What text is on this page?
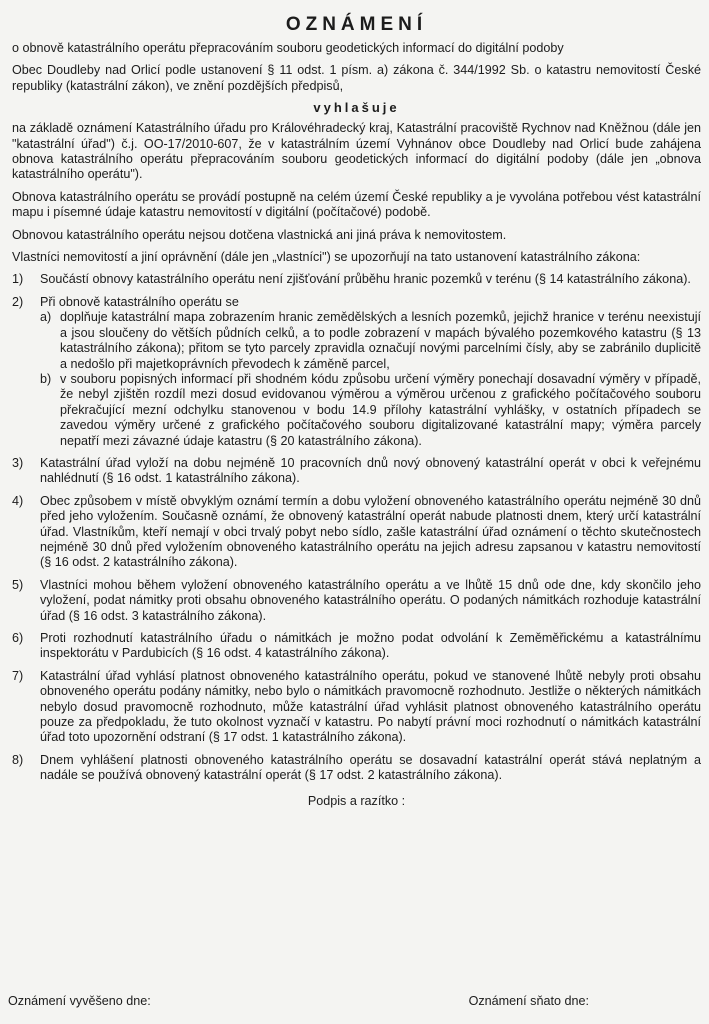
OZNÁMENÍ

o obnově katastrálního operátu přepracováním souboru geodetických informací do digitální podoby

Obec Doudleby nad Orlicí podle ustanovení § 11 odst. 1 písm. a) zákona č. 344/1992 Sb. o katastru nemovitostí České republiky (katastrální zákon), ve znění pozdějších předpisů,

vyhlašuje

na základě oznámení Katastrálního úřadu pro Královéhradecký kraj, Katastrální pracoviště Rychnov nad Kněžnou (dále jen "katastrální úřad") č.j. OO-17/2010-607, že v katastrálním území Vyhnánov obce Doudleby nad Orlicí bude zahájena obnova katastrálního operátu přepracováním souboru geodetických informací do digitální podoby (dále jen „obnova katastrálního operátu").

Obnova katastrálního operátu se provádí postupně na celém území České republiky a je vyvolána potřebou vést katastrální mapu i písemné údaje katastru nemovitostí v digitální (počítačové) podobě.

Obnovou katastrálního operátu nejsou dotčena vlastnická ani jiná práva k nemovitostem.

Vlastníci nemovitostí a jiní oprávnění (dále jen „vlastníci") se upozorňují na tato ustanovení katastrálního zákona:

1) Součástí obnovy katastrálního operátu není zjišťování průběhu hranic pozemků v terénu (§ 14 katastrálního zákona).

2) Při obnově katastrálního operátu se

a) doplňuje katastrální mapa zobrazením hranic zemědělských a lesních pozemků, jejichž hranice v terénu neexistují a jsou sloučeny do větších půdních celků, a to podle zobrazení v mapách bývalého pozemkového katastru (§ 13 katastrálního zákona); přitom se tyto parcely zpravidla označují novými parcelními čísly, aby se zabránilo duplicitě a nedošlo při majetkoprávních převodech k záměně parcel,

b) v souboru popisných informací při shodném kódu způsobu určení výměry ponechají dosavadní výměry v případě, že nebyl zjištěn rozdíl mezi dosud evidovanou výměrou a výměrou určenou z grafického počítačového souboru překračující mezní odchylku stanovenou v bodu 14.9 přílohy katastrální vyhlášky, v ostatních případech se zavedou výměry určené z grafického počítačového souboru digitalizované katastrální mapy; výměra parcely nepatří mezi závazné údaje katastru (§ 20 katastrálního zákona).

3) Katastrální úřad vyloží na dobu nejméně 10 pracovních dnů nový obnovený katastrální operát v obci k veřejnému nahlédnutí (§ 16 odst. 1 katastrálního zákona).

4) Obec způsobem v místě obvyklým oznámí termín a dobu vyložení obnoveného katastrálního operátu nejméně 30 dnů před jeho vyložením. Současně oznámí, že obnovený katastrální operát nabude platnosti dnem, který určí katastrální úřad. Vlastníkům, kteří nemají v obci trvalý pobyt nebo sídlo, zašle katastrální úřad oznámení o těchto skutečnostech nejméně 30 dnů před vyložením obnoveného katastrálního operátu na jejich adresu zapsanou v katastru nemovitostí (§ 16 odst. 2 katastrálního zákona).

5) Vlastníci mohou během vyložení obnoveného katastrálního operátu a ve lhůtě 15 dnů ode dne, kdy skončilo jeho vyložení, podat námitky proti obsahu obnoveného katastrálního operátu. O podaných námitkách rozhoduje katastrální úřad (§ 16 odst. 3 katastrálního zákona).

6) Proti rozhodnutí katastrálního úřadu o námitkách je možno podat odvolání k Zeměměřickému a katastrálnímu inspektorátu v Pardubicích (§ 16 odst. 4 katastrálního zákona).

7) Katastrální úřad vyhlásí platnost obnoveného katastrálního operátu, pokud ve stanovené lhůtě nebyly proti obsahu obnoveného operátu podány námitky, nebo bylo o námitkách pravomocně rozhodnuto. Jestliže o některých námitkách nebylo dosud pravomocně rozhodnuto, může katastrální úřad vyhlásit platnost obnoveného katastrálního operátu pouze za předpokladu, že tuto okolnost vyznačí v katastru. Po nabytí právní moci rozhodnutí o námitkách katastrální úřad toto upozornění odstraní (§ 17 odst. 1 katastrálního zákona).

8) Dnem vyhlášení platnosti obnoveného katastrálního operátu se dosavadní katastrální operát stává neplatným a nadále se používá obnovený katastrální operát (§ 17 odst. 2 katastrálního zákona).

Podpis a razítko :
Oznámení vyvěšeno dne:	Oznámení sňato dne:
